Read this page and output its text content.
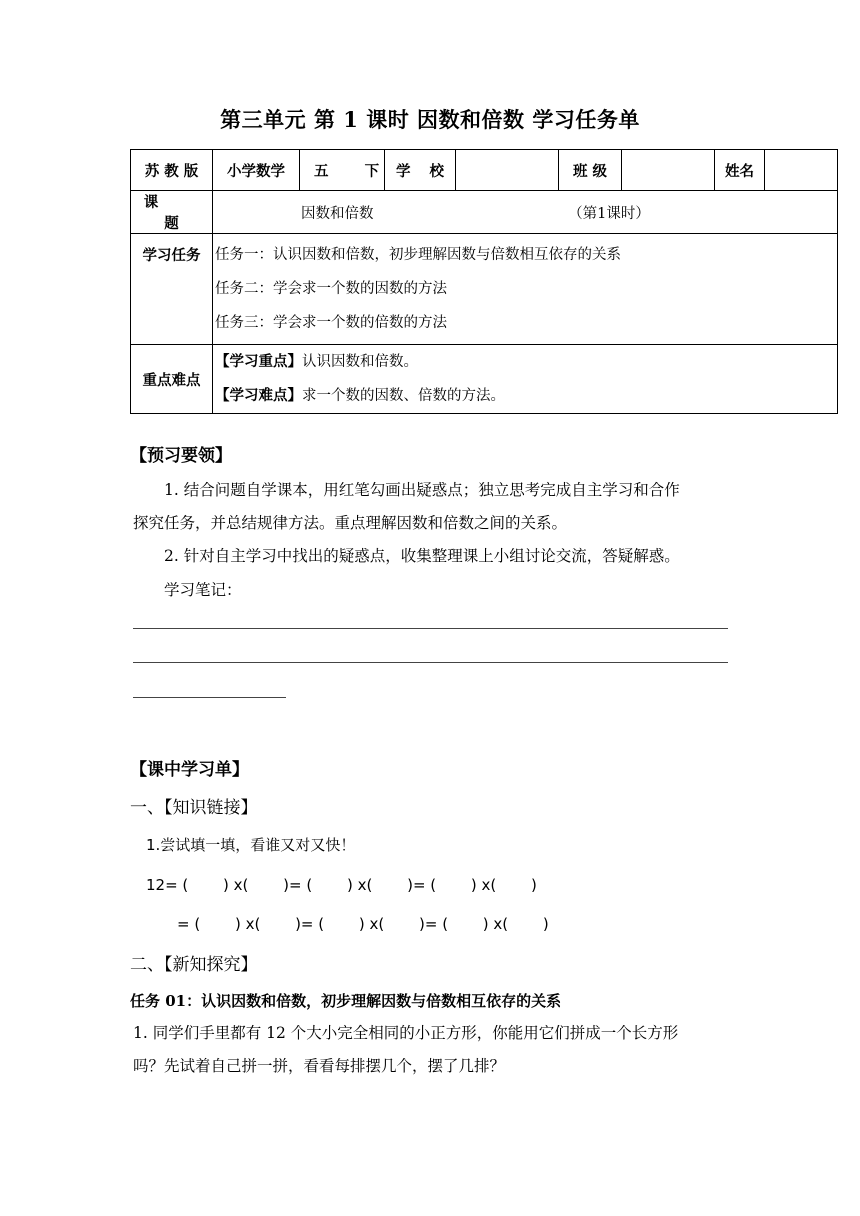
第三单元 第 1 课时 因数和倍数 学习任务单
苏 教 版	小学数学	五 下	学 校		班 级		姓名	
课  题	因数和倍数 （第1课时）							
学习任务	任务一：认识因数和倍数，初步理解因数与倍数相互依存的关系
任务二：学会求一个数的因数的方法
任务三：学会求一个数的倍数的方法							

重点难点	【学习重点】认识因数和倍数。
【学习难点】求一个数的因数、倍数的方法。							
【预习要领】
1. 结合问题自学课本，用红笔勾画出疑惑点；独立思考完成自主学习和合作
探究任务，并总结规律方法。重点理解因数和倍数之间的关系。
2. 针对自主学习中找出的疑惑点，收集整理课上小组讨论交流，答疑解惑。
学习笔记：
【课中学习单】
一、【知识链接】
1.尝试填一填，看谁又对又快！
12= (　　 ) x(　　 )= (　　 ) x(　　 )= (　　 ) x(　　 )
= (　　 ) x(　　 )= (　　 ) x(　　 )= (　　 ) x(　　 )
二、【新知探究】
任务 01：认识因数和倍数，初步理解因数与倍数相互依存的关系
1. 同学们手里都有 12 个大小完全相同的小正方形，你能用它们拼成一个长方形
吗？先试着自己拼一拼，看看每排摆几个，摆了几排？
